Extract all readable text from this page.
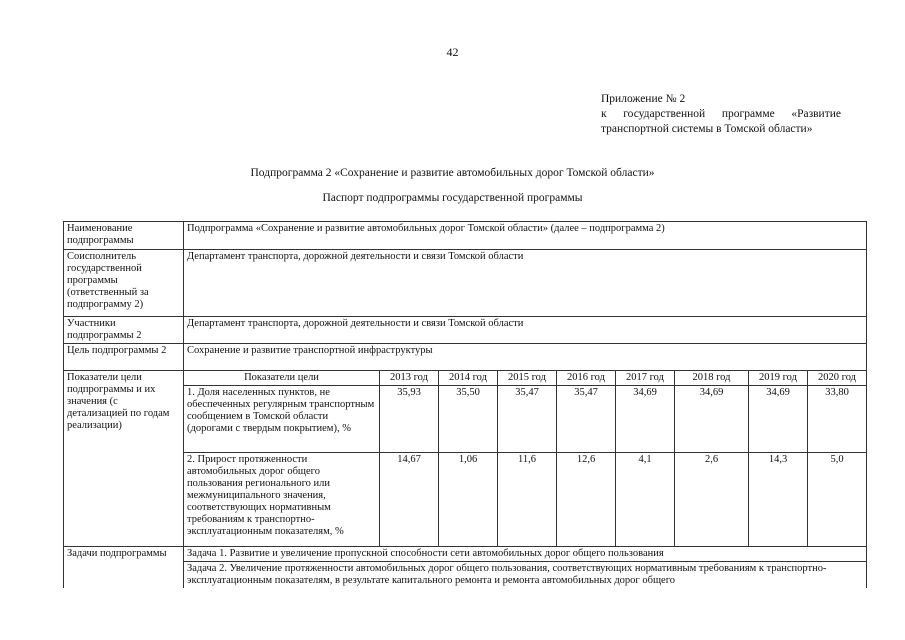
42
Приложение № 2
к государственной программе «Развитие
транспортной системы в Томской области»
Подпрограмма 2 «Сохранение и развитие автомобильных дорог Томской области»
Паспорт подпрограммы государственной программы
Наименование подпрограммы	Подпрограмма «Сохранение и развитие автомобильных дорог Томской области» (далее – подпрограмма 2)								
Соисполнитель государственной программы (ответственный за подпрограмму 2)	Департамент транспорта, дорожной деятельности и связи Томской области								
Участники подпрограммы 2	Департамент транспорта, дорожной деятельности и связи Томской области								
Цель подпрограммы 2	Сохранение и развитие транспортной инфраструктуры								
Показатели цели подпрограммы и их значения (с детализацией по годам реализации)	Показатели цели	2013 год	2014 год	2015 год	2016 год	2017 год	2018 год	2019 год	2020 год
	1. Доля населенных пунктов, не обеспеченных регулярным транспортным сообщением в Томской области (дорогами с твердым покрытием), %	35,93	35,50	35,47	35,47	34,69	34,69	34,69	33,80
	2. Прирост протяженности автомобильных дорог общего пользования регионального или межмуниципального значения, соответствующих нормативным требованиям к транспортно-эксплуатационным показателям, %	14,67	1,06	11,6	12,6	4,1	2,6	14,3	5,0
Задачи подпрограммы	Задача 1. Развитие и увеличение пропускной способности сети автомобильных дорог общего пользования								
	Задача 2. Увеличение протяженности автомобильных дорог общего пользования, соответствующих нормативным требованиям к транспортно-эксплуатационным показателям, в результате капитального ремонта и ремонта автомобильных дорог общего								
